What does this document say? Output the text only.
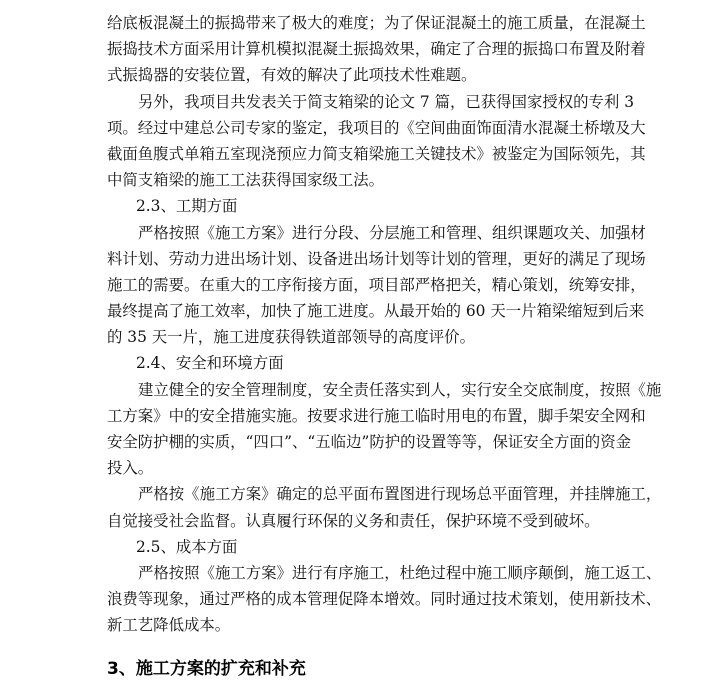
给底板混凝土的振捣带来了极大的难度；为了保证混凝土的施工质量，在混凝土
振捣技术方面采用计算机模拟混凝土振捣效果，确定了合理的振捣口布置及附着
式振捣器的安装位置，有效的解决了此项技术性难题。
另外，我项目共发表关于简支箱梁的论文 7 篇，已获得国家授权的专利 3
项。经过中建总公司专家的鉴定，我项目的《空间曲面饰面清水混凝土桥墩及大
截面鱼腹式单箱五室现浇预应力简支箱梁施工关键技术》被鉴定为国际领先，其
中简支箱梁的施工工法获得国家级工法。
2.3、工期方面
严格按照《施工方案》进行分段、分层施工和管理、组织课题攻关、加强材
料计划、劳动力进出场计划、设备进出场计划等计划的管理，更好的满足了现场
施工的需要。在重大的工序衔接方面，项目部严格把关，精心策划，统筹安排，
最终提高了施工效率，加快了施工进度。从最开始的 60 天一片箱梁缩短到后来
的 35 天一片，施工进度获得铁道部领导的高度评价。
2.4、安全和环境方面
建立健全的安全管理制度，安全责任落实到人，实行安全交底制度，按照《施
工方案》中的安全措施实施。按要求进行施工临时用电的布置，脚手架安全网和
安全防护棚的实质，“四口”、“五临边”防护的设置等等，保证安全方面的资金
投入。
严格按《施工方案》确定的总平面布置图进行现场总平面管理，并挂牌施工，
自觉接受社会监督。认真履行环保的义务和责任，保护环境不受到破坏。
2.5、成本方面
严格按照《施工方案》进行有序施工，杜绝过程中施工顺序颠倒，施工返工、
浪费等现象，通过严格的成本管理促降本增效。同时通过技术策划，使用新技术、
新工艺降低成本。
3、施工方案的扩充和补充
